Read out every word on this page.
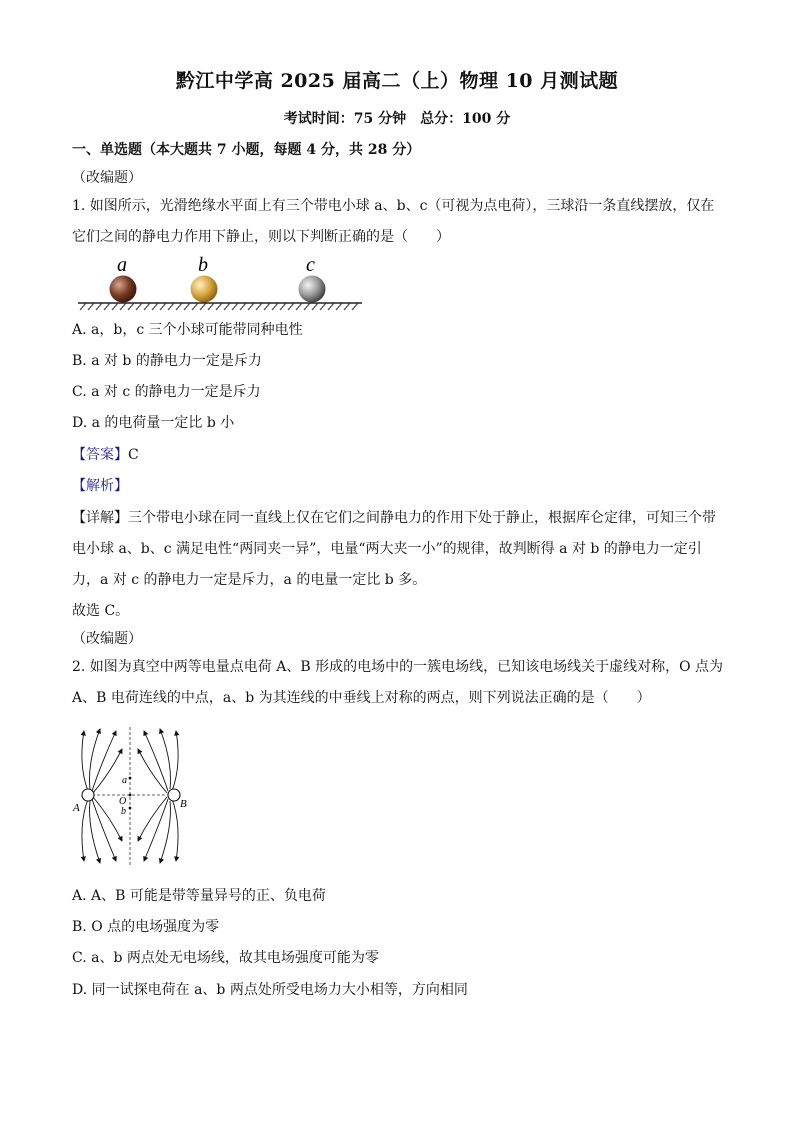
黔江中学高 2025 届高二（上）物理 10 月测试题
考试时间：75 分钟　总分：100 分
一、单选题（本大题共 7 小题，每题 4 分，共 28 分）
（改编题）
1. 如图所示，光滑绝缘水平面上有三个带电小球 a、b、c（可视为点电荷），三球沿一条直线摆放，仅在
它们之间的静电力作用下静止，则以下判断正确的是（　　）
a	b	c
A. a，b，c 三个小球可能带同种电性
B. a 对 b 的静电力一定是斥力
C. a 对 c 的静电力一定是斥力
D. a 的电荷量一定比 b 小
【答案】C
【解析】
【详解】三个带电小球在同一直线上仅在它们之间静电力的作用下处于静止，根据库仑定律，可知三个带
电小球 a、b、c 满足电性“两同夹一异”，电量“两大夹一小”的规律，故判断得 a 对 b 的静电力一定引
力，a 对 c 的静电力一定是斥力，a 的电量一定比 b 多。
故选 C。
（改编题）
2. 如图为真空中两等电量点电荷 A、B 形成的电场中的一簇电场线，已知该电场线关于虚线对称，O 点为
A、B 电荷连线的中点，a、b 为其连线的中垂线上对称的两点，则下列说法正确的是（　　）
a
O
b
A	B
A. A、B 可能是带等量异号的正、负电荷
B. O 点的电场强度为零
C. a、b 两点处无电场线，故其电场强度可能为零
D. 同一试探电荷在 a、b 两点处所受电场力大小相等，方向相同
